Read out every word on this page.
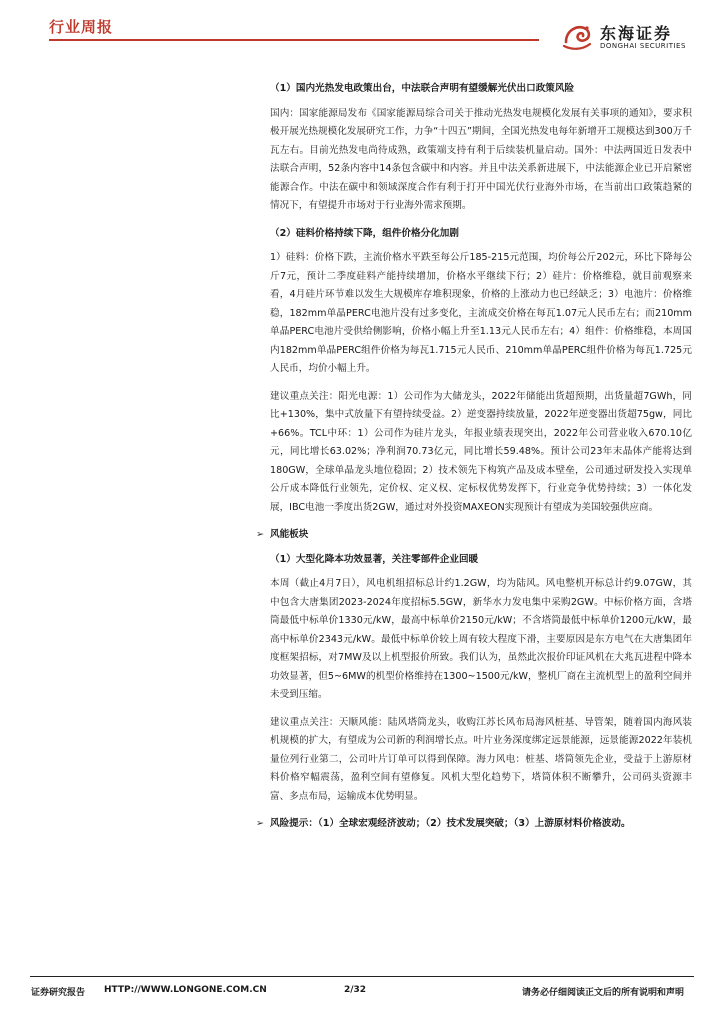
行业周报	东海证券
DONGHAI SECURITIES

（1）国内光热发电政策出台，中法联合声明有望缓解光伏出口政策风险

国内：国家能源局发布《国家能源局综合司关于推动光热发电规模化发展有关事项的通知》，要求积极开展光热规模化发展研究工作，力争“十四五”期间，全国光热发电每年新增开工规模达到300万千瓦左右。目前光热发电尚待成熟，政策端支持有利于后续装机量启动。国外：中法两国近日发表中法联合声明，52条内容中14条包含碳中和内容。并且中法关系新进展下，中法能源企业已开启紧密能源合作。中法在碳中和领域深度合作有利于打开中国光伏行业海外市场，在当前出口政策趋紧的情况下，有望提升市场对于行业海外需求预期。

（2）硅料价格持续下降，组件价格分化加剧

1）硅料：价格下跌，主流价格水平跌至每公斤185-215元范围，均价每公斤202元，环比下降每公斤7元，预计二季度硅料产能持续增加，价格水平继续下行；2）硅片：价格维稳，就目前观察来看，4月硅片环节难以发生大规模库存堆积现象，价格的上涨动力也已经缺乏；3）电池片：价格维稳，182mm单晶PERC电池片没有过多变化，主流成交价格在每瓦1.07元人民币左右；而210mm单晶PERC电池片受供给侧影响，价格小幅上升至1.13元人民币左右；4）组件：价格维稳，本周国内182mm单晶PERC组件价格为每瓦1.715元人民币、210mm单晶PERC组件价格为每瓦1.725元人民币，均价小幅上升。

建议重点关注：阳光电源：1）公司作为大储龙头，2022年储能出货超预期，出货量超7GWh，同比+130%，集中式放量下有望持续受益。2）逆变器持续放量，2022年逆变器出货超75gw，同比+66%。TCL中环：1）公司作为硅片龙头，年报业绩表现突出，2022年公司营业收入670.10亿元，同比增长63.02%；净利润70.73亿元，同比增长59.48%。预计公司23年末晶体产能将达到180GW，全球单晶龙头地位稳固；2）技术领先下构筑产品及成本壁垒，公司通过研发投入实现单公斤成本降低行业领先，定价权、定义权、定标权优势发挥下，行业竞争优势持续；3）一体化发展，IBC电池一季度出货2GW，通过对外投资MAXEON实现预计有望成为美国较强供应商。

➢ 风能板块

（1）大型化降本功效显著，关注零部件企业回暖

本周（截止4月7日），风电机组招标总计约1.2GW，均为陆风。风电整机开标总计约9.07GW，其中包含大唐集团2023-2024年度招标5.5GW，新华水力发电集中采购2GW。中标价格方面，含塔筒最低中标单价1330元/kW，最高中标单价2150元/kW；不含塔筒最低中标单价1200元/kW，最高中标单价2343元/kW。最低中标单价较上周有较大程度下滑，主要原因是东方电气在大唐集团年度框架招标，对7MW及以上机型报价所致。我们认为，虽然此次报价印证风机在大兆瓦进程中降本功效显著，但5~6MW的机型价格维持在1300~1500元/kW，整机厂商在主流机型上的盈利空间并未受到压缩。

建议重点关注：天顺风能：陆风塔筒龙头，收购江苏长风布局海风桩基、导管架，随着国内海风装机规模的扩大，有望成为公司新的利润增长点。叶片业务深度绑定远景能源，远景能源2022年装机量位列行业第二，公司叶片订单可以得到保障。海力风电：桩基、塔筒领先企业，受益于上游原材料价格窄幅震荡，盈利空间有望修复。风机大型化趋势下，塔筒体积不断攀升，公司码头资源丰富、多点布局，运输成本优势明显。

➢ 风险提示：（1）全球宏观经济波动；（2）技术发展突破；（3）上游原材料价格波动。

证券研究报告 HTTP://WWW.LONGONE.COM.CN	2/32	请务必仔细阅读正文后的所有说明和声明
